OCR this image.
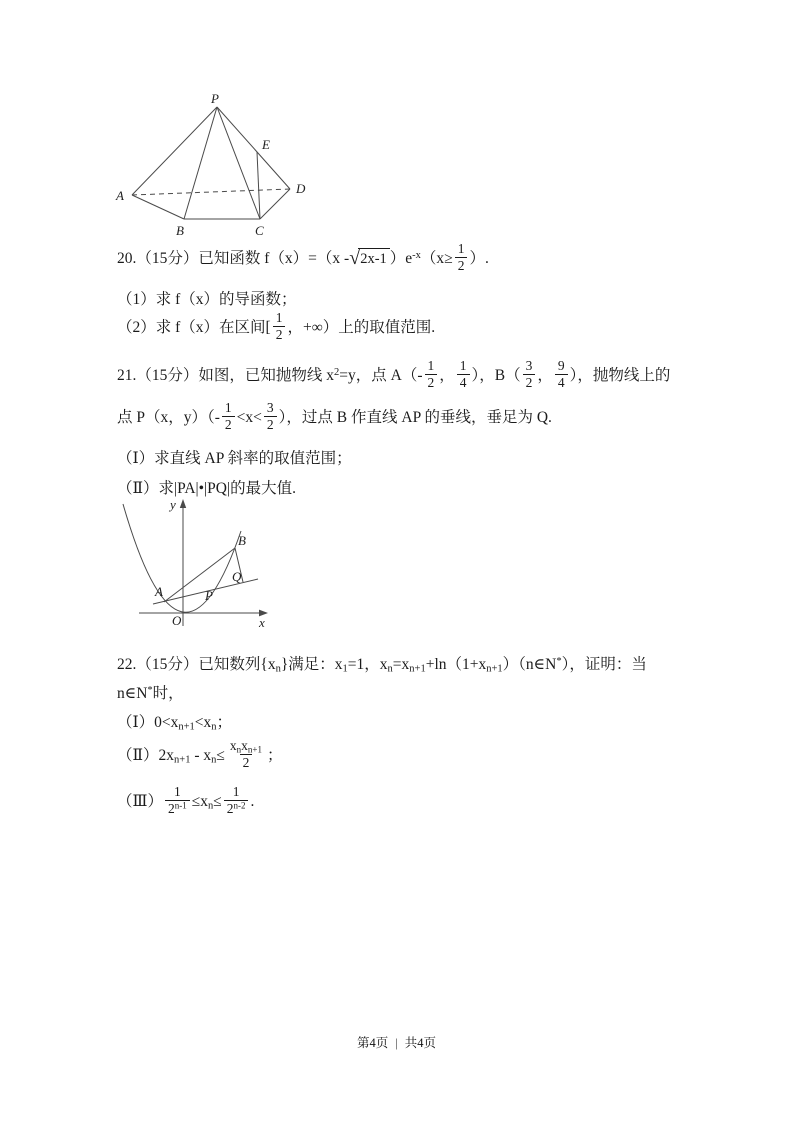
P
E
A	D
B	C
20.（15分）已知函数 f（x）=（x - √ 2x-1 ）$e^{-x}(x\ge \frac{1}{2}$ ）.
（1）求 f（x）的导函数；
（2）求 f（x）在区间[ $\frac{1}{2}$ ，+∞）上的取值范围.
21.（15分）如图，已知抛物线 $x^2=y$，点 $A(- \frac{1}{2}$ ， $\frac{1}{4}$ ），$B( \frac{3}{2}$ ， $\frac{9}{4}$ ），抛物线上的点 P（x，$y)(- \frac{1}{2} <x< \frac{3}{2}$ ），过点 B 作直线 AP 的垂线，垂足为 Q.
（Ⅰ）求直线 AP 斜率的取值范围；
（Ⅱ）求|PA|•|PQ|的最大值.
y
x
O
A	P
Q
B
22.（15分）已知数列$\{x_n\}$满足：$x_1=1$，$x_n=x_{n+1}+\ln(1+x_{n+1})(n\in N^*)$，证明：当 n∈N*时，
$(Ⅰ)0<x_{n+1}<x_n$；
$(Ⅱ)2x_{n+1} - x_n\le \frac{x_nx_{n+1}}{2}$ ；
（Ⅲ） $\frac{1}{2^{n-1}} \le x_n\le \frac{1}{2^{n-2}}$ .
第4页 | 共4页
